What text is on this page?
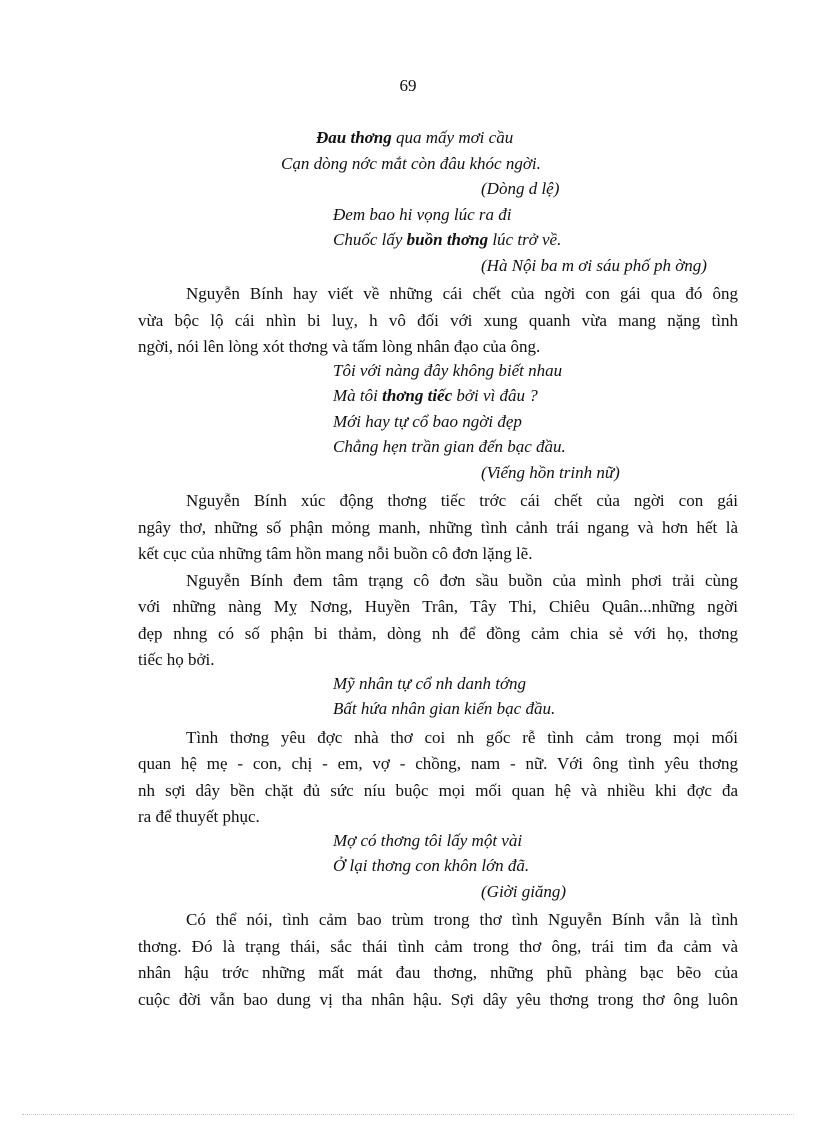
69
Đau thơng qua mấy mơi cầu
Cạn dòng nớc mắt còn đâu khóc ngời.
(Dòng d lệ)
Đem bao hi vọng lúc ra đi
Chuốc lấy buồn thơng lúc trở về.
(Hà Nội ba m ơi sáu phố ph ờng)
Nguyễn Bính hay viết về những cái chết của ngời con gái qua đó ông
vừa bộc lộ cái nhìn bi luỵ, h vô đối với xung quanh vừa mang nặng tình
ngời, nói lên lòng xót thơng và tấm lòng nhân đạo của ông.
Tôi với nàng đây không biết nhau
Mà tôi thơng tiếc bởi vì đâu ?
Mới hay tự cổ bao ngời đẹp
Chẳng hẹn trần gian đến bạc đầu.
(Viếng hồn trinh nữ)
Nguyễn Bính xúc động thơng tiếc trớc cái chết của ngời con gái
ngây thơ, những số phận mỏng manh, những tình cảnh trái ngang và hơn hết là
kết cục của những tâm hồn mang nỗi buồn cô đơn lặng lẽ.
Nguyễn Bính đem tâm trạng cô đơn sầu buồn của mình phơi trải cùng
với những nàng Mỵ Nơng, Huyền Trân, Tây Thi, Chiêu Quân...những ngời
đẹp nhng có số phận bi thảm, dòng nh để đồng cảm chia sẻ với họ, thơng
tiếc họ bởi.
Mỹ nhân tự cổ nh danh tớng
Bất hứa nhân gian kiến bạc đầu.
Tình thơng yêu đợc nhà thơ coi nh gốc rễ tình cảm trong mọi mối
quan hệ mẹ - con, chị - em, vợ - chồng, nam - nữ. Với ông tình yêu thơng
nh sợi dây bền chặt đủ sức níu buộc mọi mối quan hệ và nhiều khi đợc đa
ra để thuyết phục.
Mợ có thơng tôi lấy một vài
Ở lại thơng con khôn lớn đã.
(Giời giăng)
Có thể nói, tình cảm bao trùm trong thơ tình Nguyễn Bính vẫn là tình
thơng. Đó là trạng thái, sắc thái tình cảm trong thơ ông, trái tim đa cảm và
nhân hậu trớc những mất mát đau thơng, những phũ phàng bạc bẽo của
cuộc đời vẫn bao dung vị tha nhân hậu. Sợi dây yêu thơng trong thơ ông luôn
